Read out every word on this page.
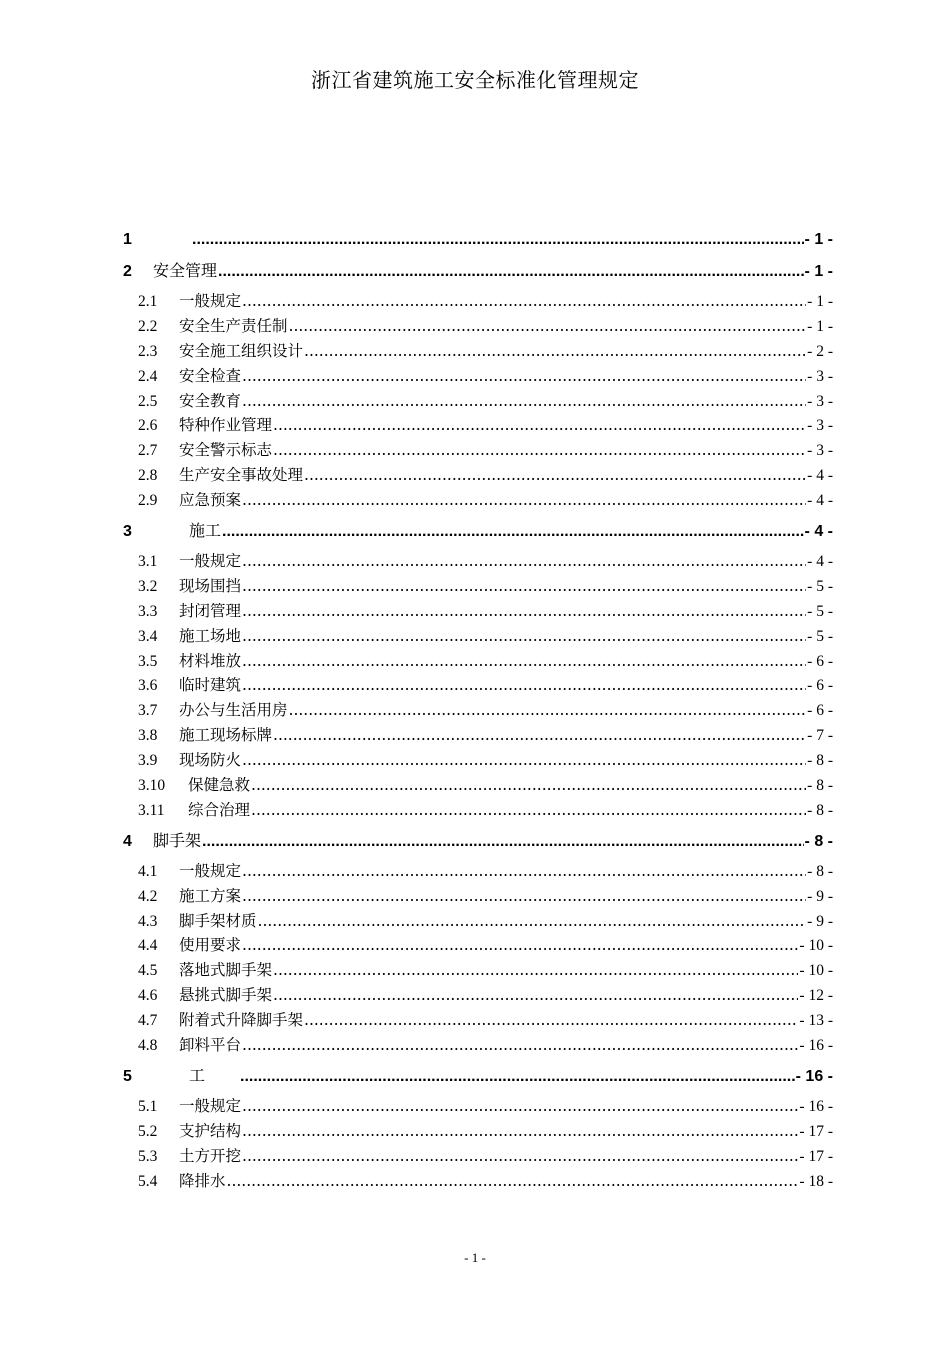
浙江省建筑施工安全标准化管理规定
1 .....	- 1 -
2	安全管理 .....	- 1 -
2.1	一般规定 .....	- 1 -
2.2	安全生产责任制 .....	- 1 -
2.3	安全施工组织设计 .....	- 2 -
2.4	安全检查 .....	- 3 -
2.5	安全教育 .....	- 3 -
2.6	特种作业管理 .....	- 3 -
2.7	安全警示标志 .....	- 3 -
2.8	生产安全事故处理 .....	- 4 -
2.9	应急预案 .....	- 4 -
3	施工 .....	- 4 -
3.1	一般规定 .....	- 4 -
3.2	现场围挡 .....	- 5 -
3.3	封闭管理 .....	- 5 -
3.4	施工场地 .....	- 5 -
3.5	材料堆放 .....	- 6 -
3.6	临时建筑 .....	- 6 -
3.7	办公与生活用房 .....	- 6 -
3.8	施工现场标牌 .....	- 7 -
3.9	现场防火 .....	- 8 -
3.10	保健急救 .....	- 8 -
3.11	综合治理 .....	- 8 -
4	脚手架 .....	- 8 -
4.1	一般规定 .....	- 8 -
4.2	施工方案 .....	- 9 -
4.3	脚手架材质 .....	- 9 -
4.4	使用要求 .....	- 10 -
4.5	落地式脚手架 .....	- 10 -
4.6	悬挑式脚手架 .....	- 12 -
4.7	附着式升降脚手架 .....	- 13 -
4.8	卸料平台 .....	- 16 -
5	工 .....	- 16 -
5.1	一般规定 .....	- 16 -
5.2	支护结构 .....	- 17 -
5.3	土方开挖 .....	- 17 -
5.4	降排水 .....	- 18 -
- 1 -
